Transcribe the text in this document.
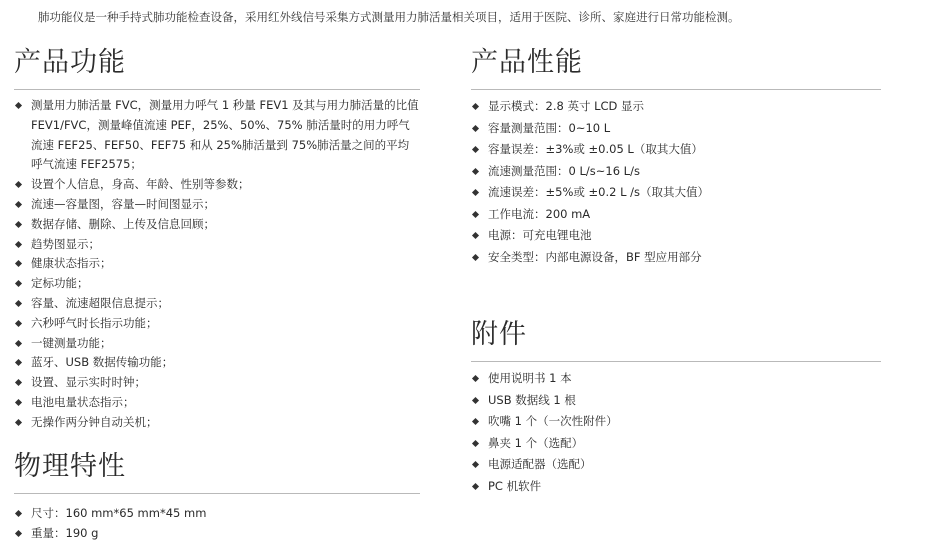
肺功能仪是一种手持式肺功能检查设备，采用红外线信号采集方式测量用力肺活量相关项目，适用于医院、诊所、家庭进行日常功能检测。
产品功能
测量用力肺活量 FVC，测量用力呼气 1 秒量 FEV1 及其与用力肺活量的比值 FEV1/FVC，测量峰值流速 PEF，25%、50%、75% 肺活量时的用力呼气流速 FEF25、FEF50、FEF75 和从 25%肺活量到 75%肺活量之间的平均呼气流速 FEF2575；
设置个人信息，身高、年龄、性别等参数；
流速—容量图，容量—时间图显示；
数据存储、删除、上传及信息回顾；
趋势图显示；
健康状态指示；
定标功能；
容量、流速超限信息提示；
六秒呼气时长指示功能；
一键测量功能；
蓝牙、USB 数据传输功能；
设置、显示实时时钟；
电池电量状态指示；
无操作两分钟自动关机；
物理特性
尺寸：160 mm*65 mm*45 mm
重量：190 g
产品性能
显示模式：2.8 英寸 LCD 显示
容量测量范围：0~10 L
容量误差：±3%或 ±0.05 L（取其大值）
流速测量范围：0 L/s~16 L/s
流速误差：±5%或 ±0.2 L /s（取其大值）
工作电流：200 mA
电源：可充电锂电池
安全类型：内部电源设备，BF 型应用部分
附件
使用说明书 1 本
USB 数据线 1 根
吹嘴 1 个（一次性附件）
鼻夹 1 个（选配）
电源适配器（选配）
PC 机软件
